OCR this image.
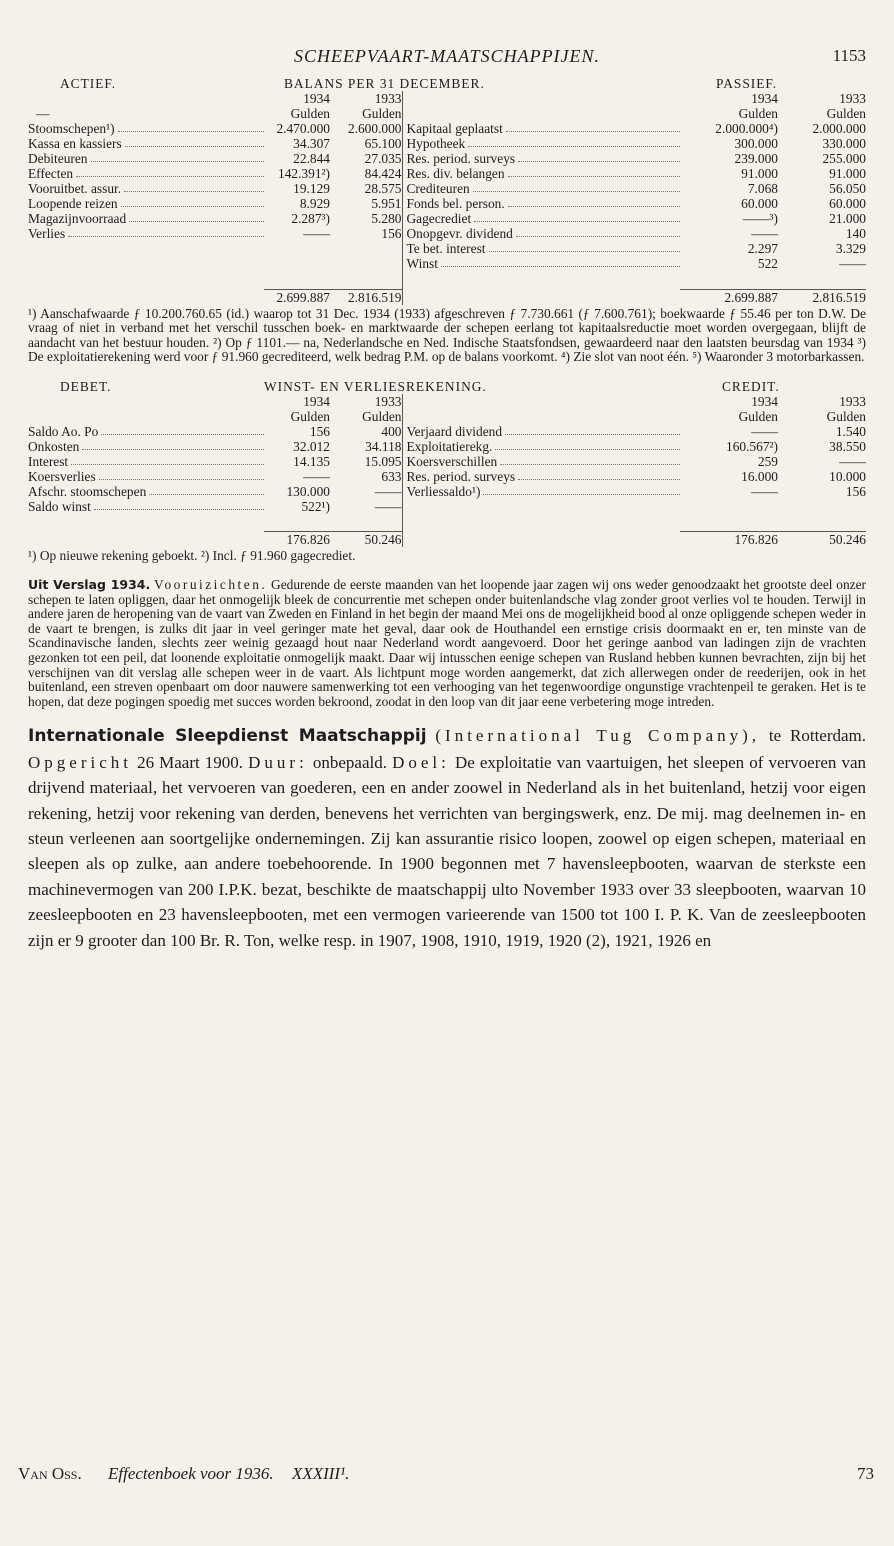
SCHEEPVAART-MAATSCHAPPIJEN.	1153
ACTIEF.	BALANS PER 31 DECEMBER.			PASSIEF.	
	1934	1933		1934	1933
—	Gulden	Gulden		Gulden	Gulden

Stoomschepen¹)	2.470.000	2.600.000	Kapitaal geplaatst	2.000.000⁴)	2.000.000

Kassa en kassiers	34.307	65.100	Hypotheek	300.000	330.000

Debiteuren	22.844	27.035	Res. period. surveys	239.000	255.000

Effecten	142.391²)	84.424	Res. div. belangen	91.000	91.000

Vooruitbet. assur.	19.129	28.575	Crediteuren	7.068	56.050

Loopende reizen	8.929	5.951	Fonds bel. person.	60.000	60.000

Magazijnvoorraad	2.287³)	5.280	Gagecrediet	——³)	21.000

Verlies	——	156	Onopgevr. dividend	——	140

			Te bet. interest	2.297	3.329

			Winst	522	——

	2.699.887	2.816.519		2.699.887	2.816.519

¹) Aanschafwaarde ƒ 10.200.760.65 (id.) waarop tot 31 Dec. 1934 (1933) afgeschreven ƒ 7.730.661 (ƒ 7.600.761); boekwaarde ƒ 55.46 per ton D.W. De vraag of niet in verband met het verschil tusschen boek- en marktwaarde der schepen eerlang tot kapitaalsreductie moet worden overgegaan, blijft de aandacht van het bestuur houden. ²) Op ƒ 1101.— na, Nederlandsche en Ned. Indische Staatsfondsen, gewaardeerd naar den laatsten beursdag van 1934 ³) De exploitatierekening werd voor ƒ 91.960 gecrediteerd, welk bedrag P.M. op de balans voorkomt. ⁴) Zie slot van noot één. ⁵) Waaronder 3 motorbarkassen.

DEBET.	WINST- EN VERLIESREKENING.			CREDIT.	
	1934	1933		1934	1933
	Gulden	Gulden		Gulden	Gulden

Saldo Ao. Po	156	400	Verjaard dividend	——	1.540

Onkosten	32.012	34.118	Exploitatierekg.	160.567²)	38.550

Interest	14.135	15.095	Koersverschillen	259	——

Koersverlies	——	633	Res. period. surveys	16.000	10.000

Afschr. stoomschepen	130.000	——	Verliessaldo¹)	——	156

Saldo winst	522¹)	——			

	176.826	50.246		176.826	50.246

¹) Op nieuwe rekening geboekt. ²) Incl. ƒ 91.960 gagecrediet.

Uit Verslag 1934. Vooruizichten. Gedurende de eerste maanden van het loopende jaar zagen wij ons weder genoodzaakt het grootste deel onzer schepen te laten opliggen, daar het onmogelijk bleek de concurrentie met schepen onder buitenlandsche vlag zonder groot verlies vol te houden. Terwijl in andere jaren de heropening van de vaart van Zweden en Finland in het begin der maand Mei ons de mogelijkheid bood al onze opliggende schepen weder in de vaart te brengen, is zulks dit jaar in veel geringer mate het geval, daar ook de Houthandel een ernstige crisis doormaakt en er, ten minste van de Scandinavische landen, slechts zeer weinig gezaagd hout naar Nederland wordt aangevoerd. Door het geringe aanbod van ladingen zijn de vrachten gezonken tot een peil, dat loonende exploitatie onmogelijk maakt. Daar wij intusschen eenige schepen van Rusland hebben kunnen bevrachten, zijn bij het verschijnen van dit verslag alle schepen weer in de vaart. Als lichtpunt moge worden aangemerkt, dat zich allerwegen onder de reederijen, ook in het buitenland, een streven openbaart om door nauwere samenwerking tot een verhooging van het tegenwoordige ongunstige vrachtenpeil te geraken. Het is te hopen, dat deze pogingen spoedig met succes worden bekroond, zoodat in den loop van dit jaar eene verbetering moge intreden.

Internationale Sleepdienst Maatschappij (International Tug Company), te Rotterdam. Opgericht 26 Maart 1900. Duur: onbepaald. Doel: De exploitatie van vaartuigen, het sleepen of vervoeren van drijvend materiaal, het vervoeren van goederen, een en ander zoowel in Nederland als in het buitenland, hetzij voor eigen rekening, hetzij voor rekening van derden, benevens het verrichten van bergingswerk, enz. De mij. mag deelnemen in- en steun verleenen aan soortgelijke ondernemingen. Zij kan assurantie risico loopen, zoowel op eigen schepen, materiaal en sleepen als op zulke, aan andere toebehoorende. In 1900 begonnen met 7 havensleepbooten, waarvan de sterkste een machinevermogen van 200 I.P.K. bezat, beschikte de maatschappij ulto November 1933 over 33 sleepbooten, waarvan 10 zeesleepbooten en 23 havensleepbooten, met een vermogen varieerende van 1500 tot 100 I. P. K. Van de zeesleepbooten zijn er 9 grooter dan 100 Br. R. Ton, welke resp. in 1907, 1908, 1910, 1919, 1920 (2), 1921, 1926 en

Van Oss. Effectenboek voor 1936. XXXIII¹.	73
